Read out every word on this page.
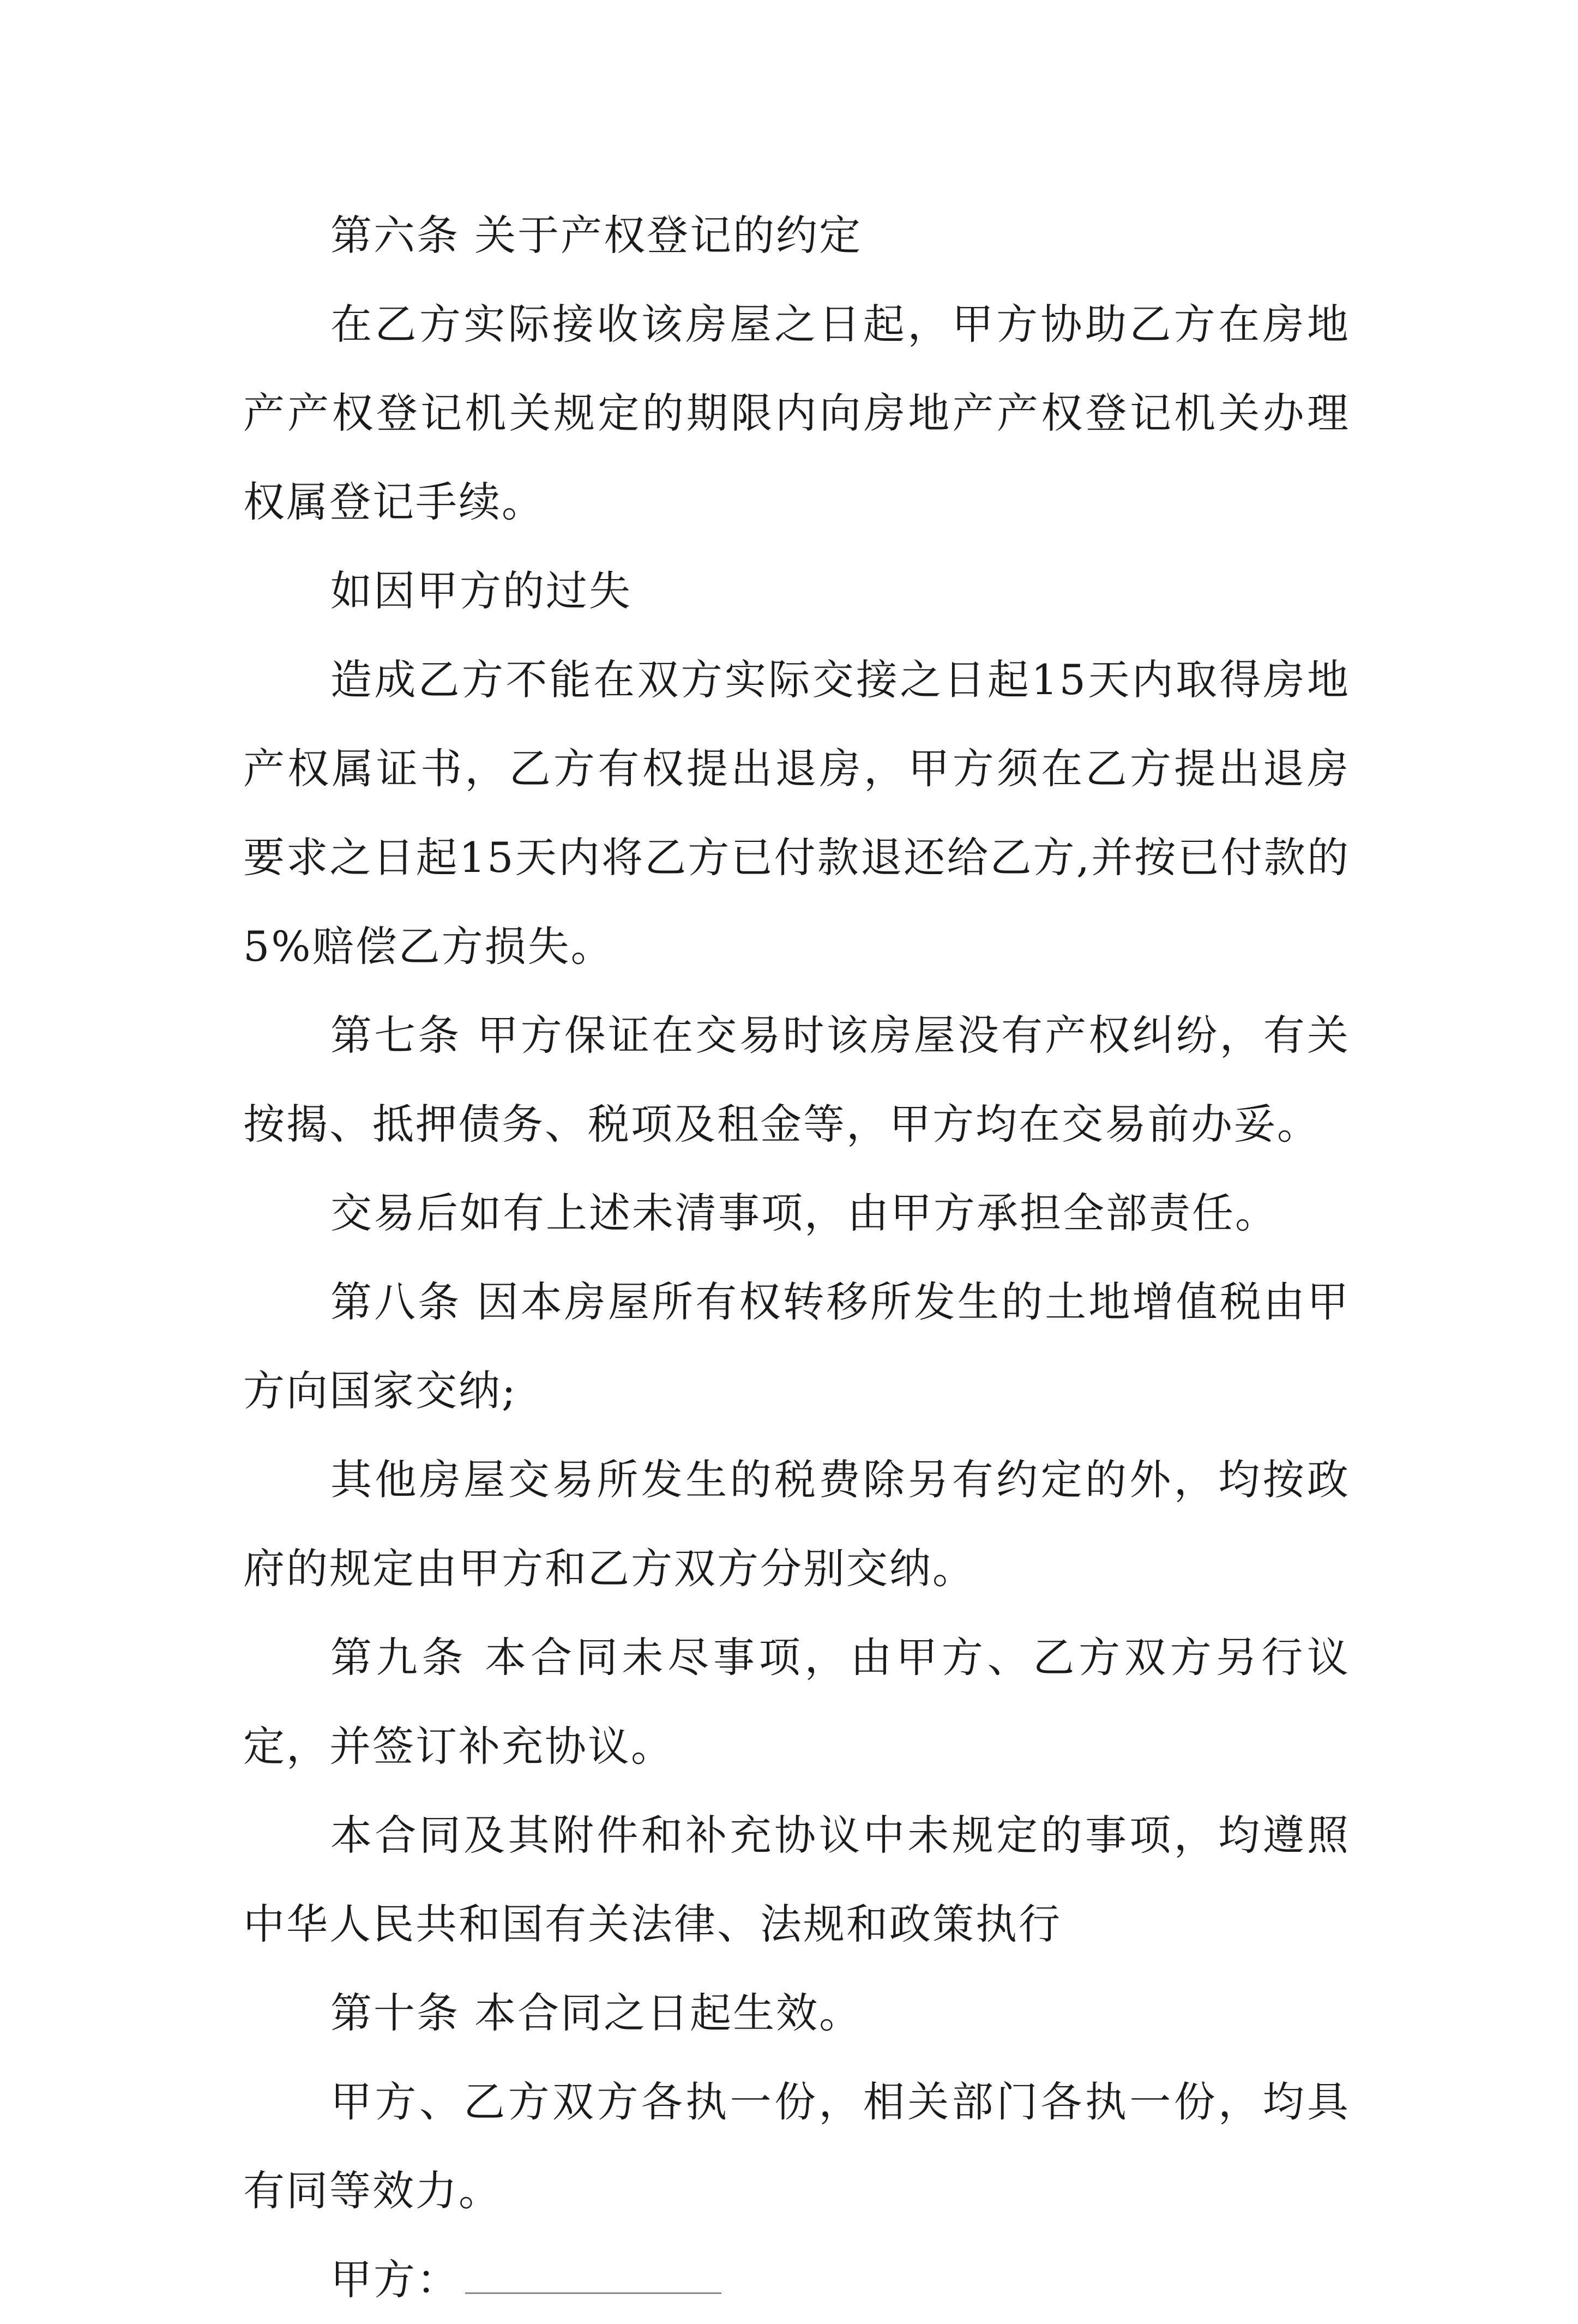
第六条 关于产权登记的约定

在乙方实际接收该房屋之日起，甲方协助乙方在房地产产权登记机关规定的期限内向房地产产权登记机关办理权属登记手续。

如因甲方的过失

造成乙方不能在双方实际交接之日起15天内取得房地产权属证书，乙方有权提出退房，甲方须在乙方提出退房要求之日起15天内将乙方已付款退还给乙方,并按已付款的5%赔偿乙方损失。

第七条 甲方保证在交易时该房屋没有产权纠纷，有关按揭、抵押债务、税项及租金等，甲方均在交易前办妥。

交易后如有上述未清事项，由甲方承担全部责任。

第八条 因本房屋所有权转移所发生的土地增值税由甲方向国家交纳;

其他房屋交易所发生的税费除另有约定的外，均按政府的规定由甲方和乙方双方分别交纳。

第九条 本合同未尽事项，由甲方、乙方双方另行议定，并签订补充协议。

本合同及其附件和补充协议中未规定的事项，均遵照中华人民共和国有关法律、法规和政策执行

第十条 本合同之日起生效。

甲方、乙方双方各执一份，相关部门各执一份，均具有同等效力。

甲方：
